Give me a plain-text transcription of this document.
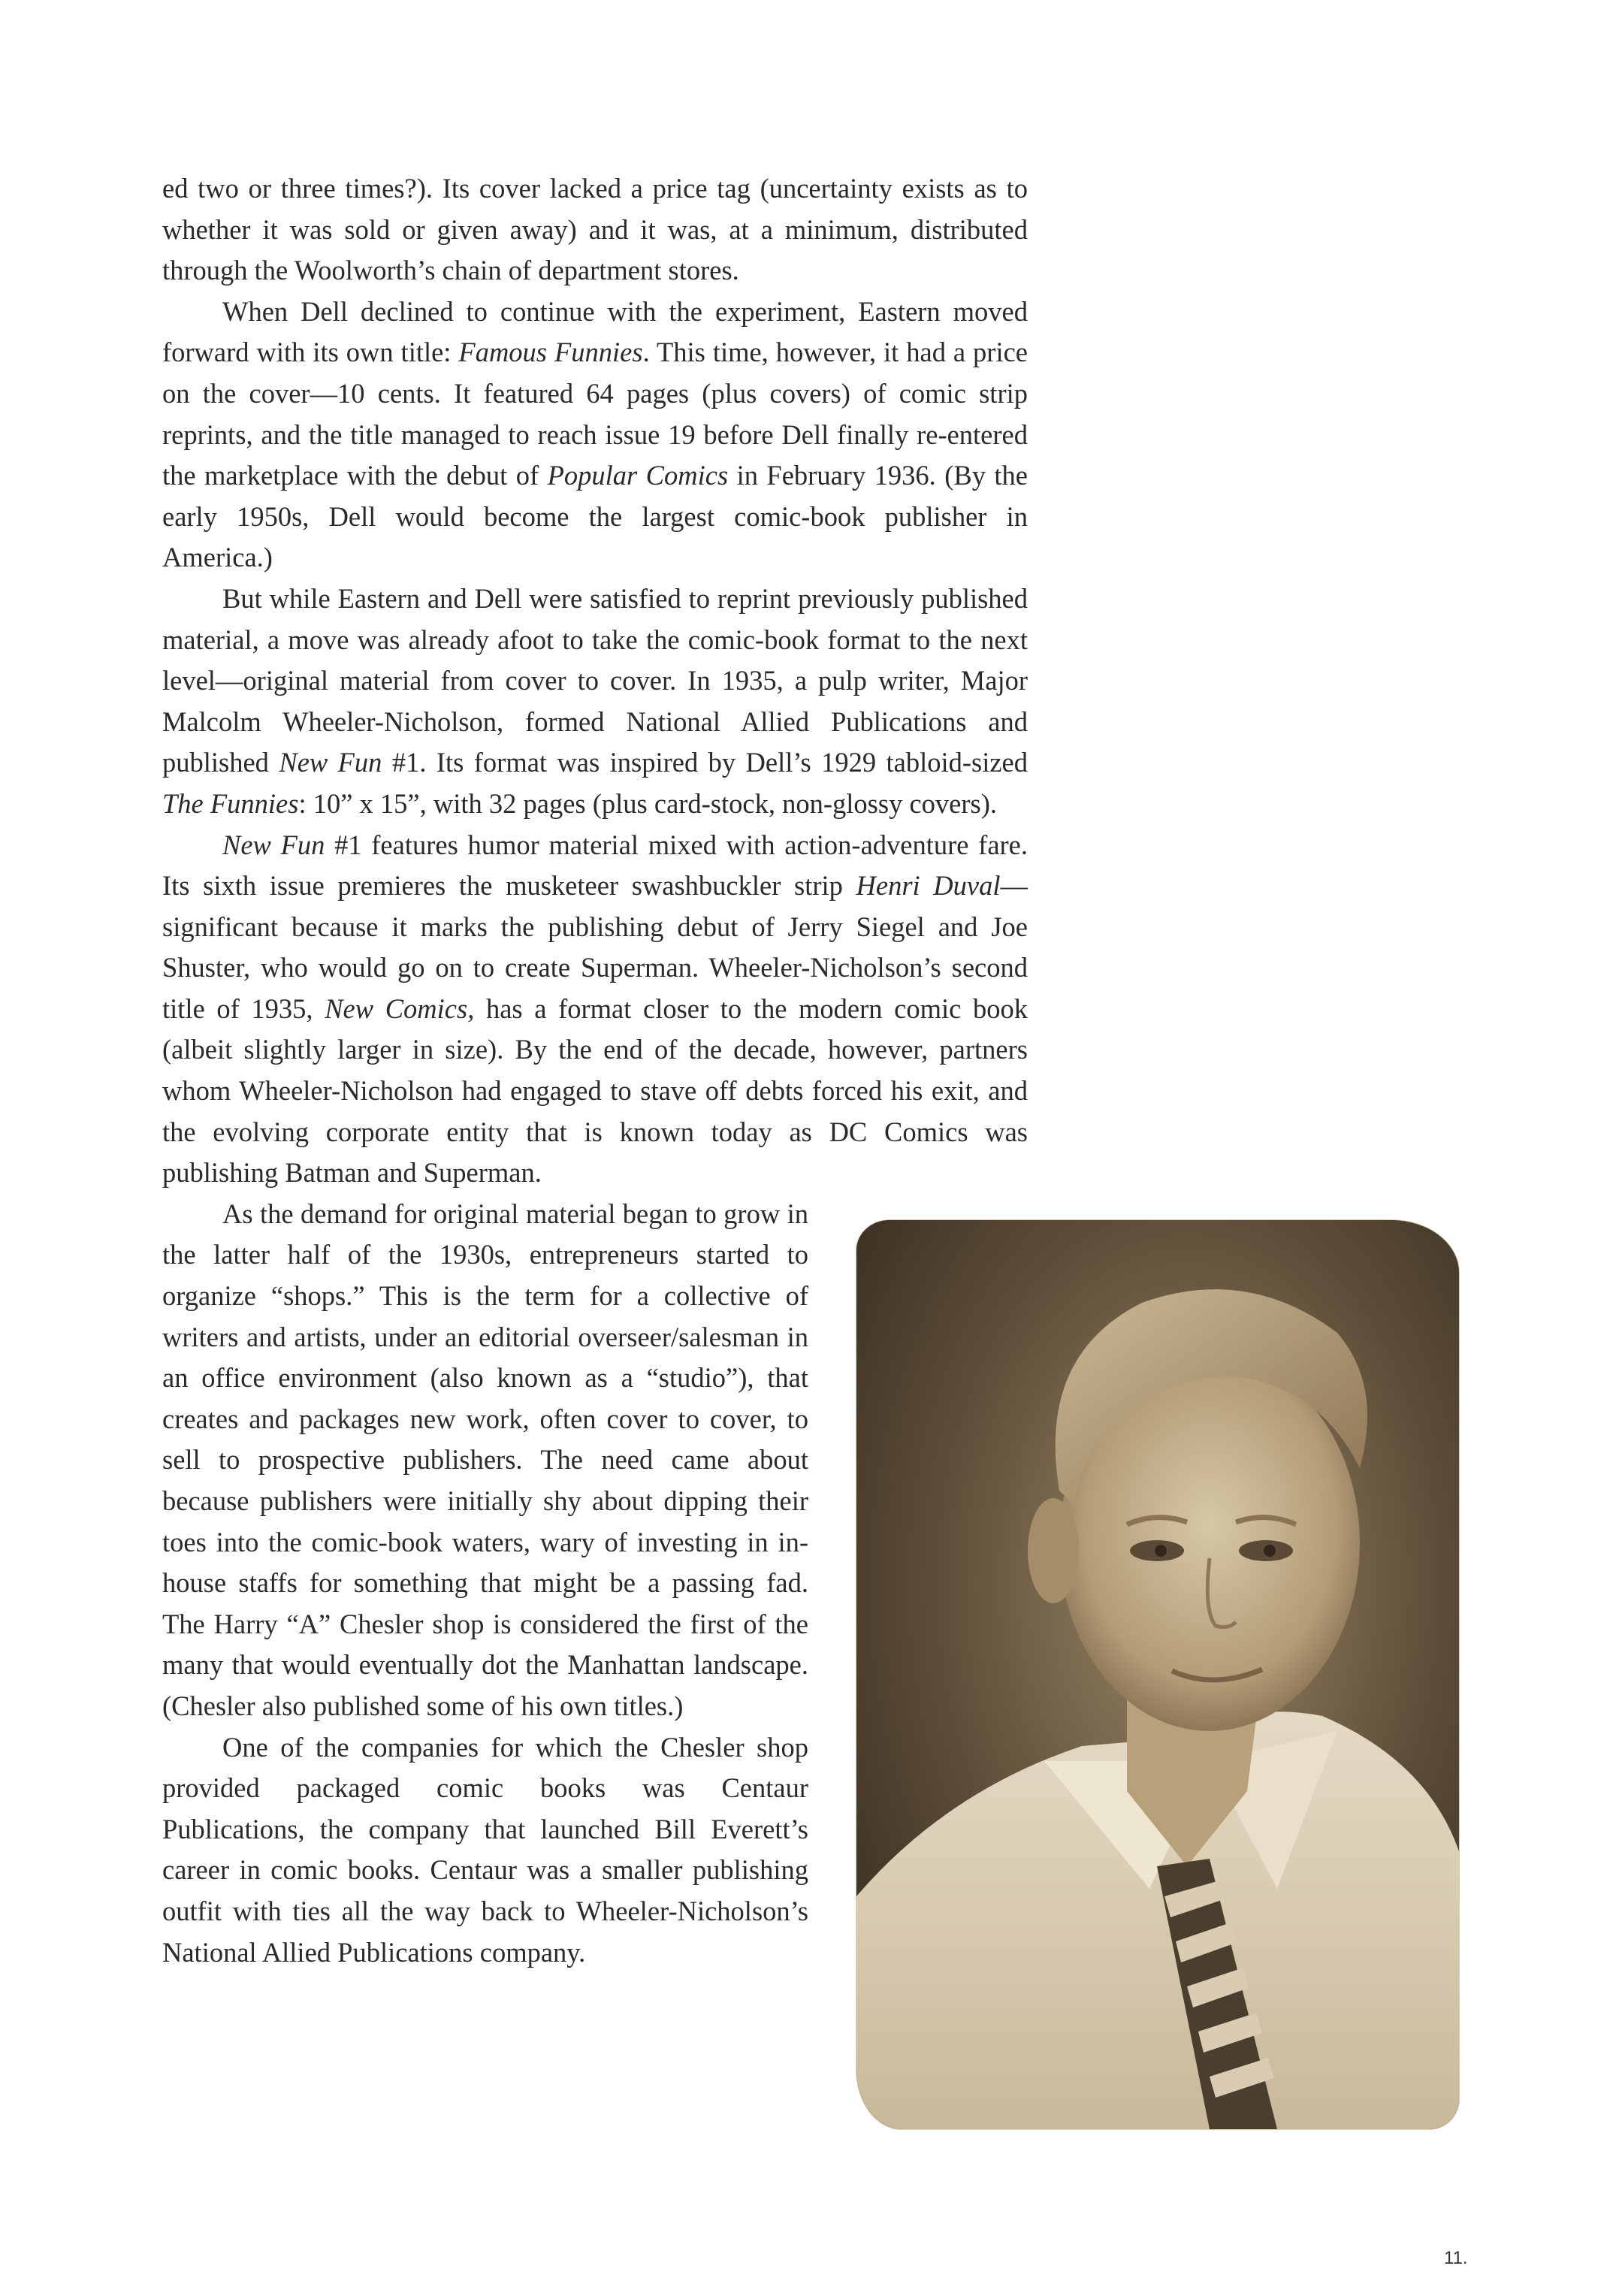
ed two or three times?). Its cover lacked a price tag (uncertainty exists as to whether it was sold or given away) and it was, at a minimum, distributed through the Woolworth’s chain of department stores.

When Dell declined to continue with the experiment, Eastern moved forward with its own title: Famous Funnies. This time, however, it had a price on the cover—10 cents. It featured 64 pages (plus covers) of comic strip reprints, and the title managed to reach issue 19 before Dell finally re-entered the marketplace with the debut of Popular Comics in February 1936. (By the early 1950s, Dell would become the largest comic-book publisher in America.)

But while Eastern and Dell were satisfied to reprint previously published material, a move was already afoot to take the comic-book format to the next level—original material from cover to cover. In 1935, a pulp writer, Major Malcolm Wheeler-Nicholson, formed National Allied Publications and published New Fun #1. Its format was inspired by Dell’s 1929 tabloid-sized The Funnies: 10” x 15”, with 32 pages (plus card-stock, non-glossy covers).

New Fun #1 features humor material mixed with action-adventure fare. Its sixth issue premieres the musketeer swashbuckler strip Henri Duval—significant because it marks the publishing debut of Jerry Siegel and Joe Shuster, who would go on to create Superman. Wheeler-Nicholson’s second title of 1935, New Comics, has a format closer to the modern comic book (albeit slightly larger in size). By the end of the decade, however, partners whom Wheeler-Nicholson had engaged to stave off debts forced his exit, and the evolving corporate entity that is known today as DC Comics was publishing Batman and Superman.

As the demand for original material began to grow in the latter half of the 1930s, entrepreneurs started to organize “shops.” This is the term for a collective of writers and artists, under an editorial overseer/salesman in an office environment (also known as a “studio”), that creates and packages new work, often cover to cover, to sell to prospective publishers. The need came about because publishers were initially shy about dipping their toes into the comic-book waters, wary of investing in in-house staffs for something that might be a passing fad. The Harry “A” Chesler shop is considered the first of the many that would eventually dot the Manhattan landscape. (Chesler also published some of his own titles.)

One of the companies for which the Chesler shop provided packaged comic books was Centaur Publications, the company that launched Bill Everett’s career in comic books. Centaur was a smaller publishing outfit with ties all the way back to Wheeler-Nicholson’s National Allied Publications company.

11.
